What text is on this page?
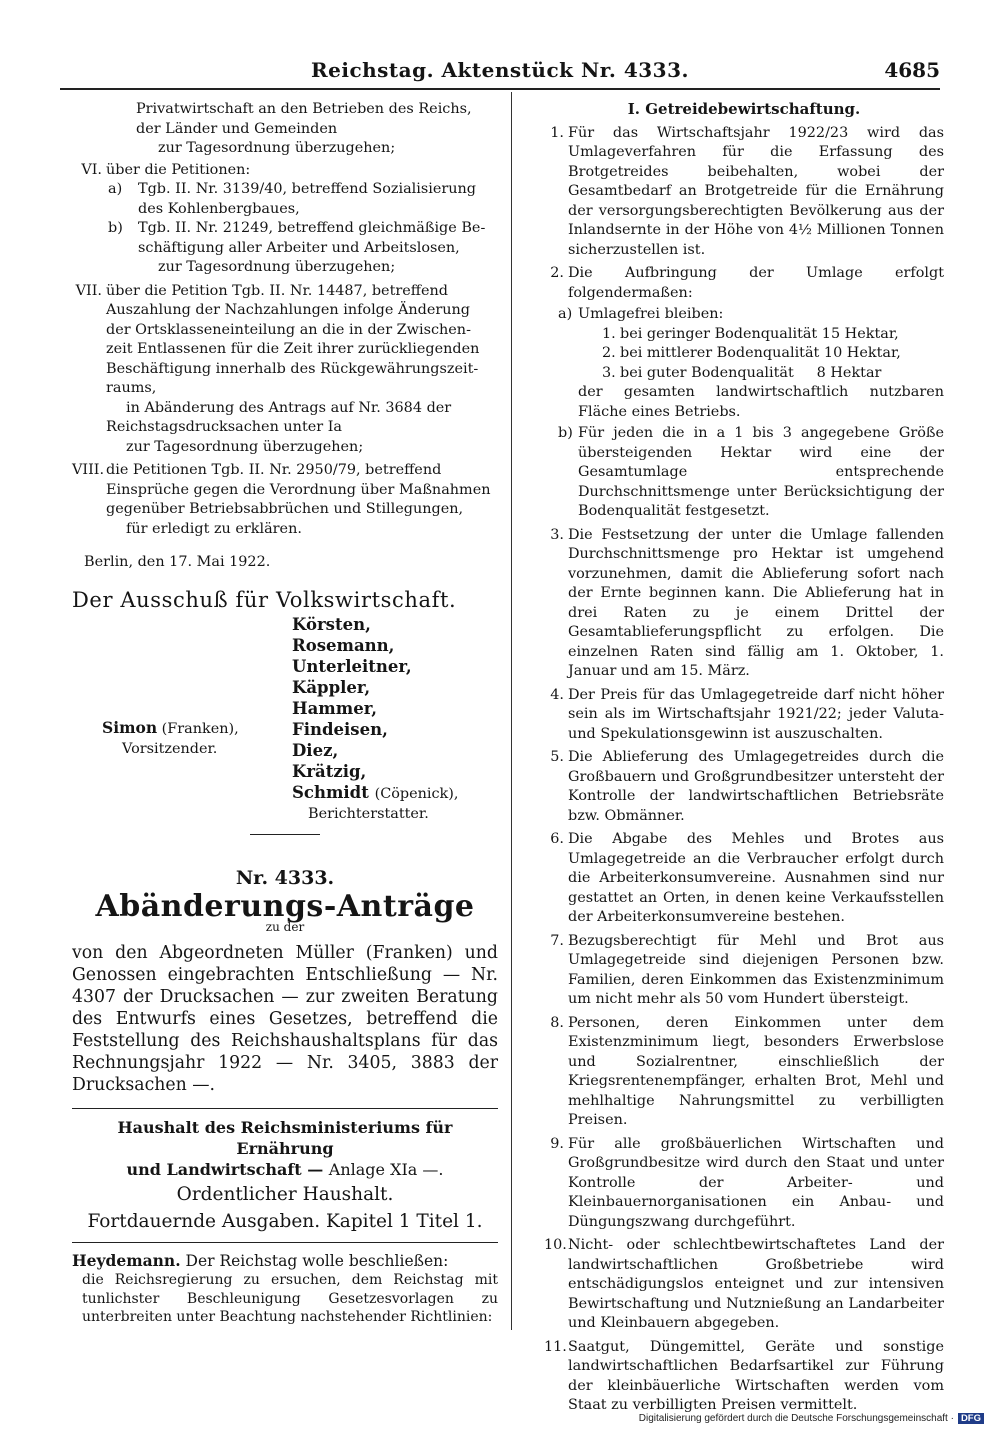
Reichstag. Aktenstück Nr. 4333.	4685

Privatwirtschaft an den Betrieben des Reichs,

der Länder und Gemeinden

zur Tagesordnung überzugehen;

VI. über die Petitionen:
a) Tgb. II. Nr. 3139/40, betreffend Sozialisierung
des Kohlenbergbaues,
b) Tgb. II. Nr. 21249, betreffend gleichmäßige Be-
schäftigung aller Arbeiter und Arbeitslosen,
zur Tagesordnung überzugehen;
VII. über die Petition Tgb. II. Nr. 14487, betreffend
Auszahlung der Nachzahlungen infolge Änderung
der Ortsklasseneinteilung an die in der Zwischen-
zeit Entlassenen für die Zeit ihrer zurückliegenden
Beschäftigung innerhalb des Rückgewährungszeit-
raums,
in Abänderung des Antrags auf Nr. 3684 der
Reichstagsdrucksachen unter Ia
zur Tagesordnung überzugehen;
VIII. die Petitionen Tgb. II. Nr. 2950/79, betreffend
Einsprüche gegen die Verordnung über Maßnahmen
gegenüber Betriebsabbrüchen und Stillegungen,
für erledigt zu erklären.

Berlin, den 17. Mai 1922.

Der Ausschuß für Volkswirtschaft.
Körsten,
Rosemann,
Unterleitner,
Käppler,
Hammer,
Findeisen,
Diez,
Krätzig,
Schmidt (Cöpenick),
Berichterstatter.
Simon (Franken),
Vorsitzender.
Nr. 4333.
Abänderungs-Anträge
zu der

von den Abgeordneten Müller (Franken) und Genossen eingebrachten Entschließung — Nr. 4307 der Drucksachen — zur zweiten Beratung des Entwurfs eines Gesetzes, betreffend die Feststellung des Reichshaushaltsplans für das Rechnungsjahr 1922 — Nr. 3405, 3883 der Drucksachen —.

Haushalt des Reichsministeriums für Ernährung
und Landwirtschaft — Anlage XIa —.
Ordentlicher Haushalt.
Fortdauernde Ausgaben. Kapitel 1 Titel 1.

Heydemann. Der Reichstag wolle beschließen:

die Reichsregierung zu ersuchen, dem Reichstag mit tunlichster Beschleunigung Gesetzesvorlagen zu unterbreiten unter Beachtung nachstehender Richtlinien:

I. Getreidebewirtschaftung.
1. Für das Wirtschaftsjahr 1922/23 wird das Umlageverfahren für die Erfassung des Brotgetreides beibehalten, wobei der Gesamtbedarf an Brotgetreide für die Ernährung der versorgungsberechtigten Bevölkerung aus der Inlandsernte in der Höhe von 4½ Millionen Tonnen sicherzustellen ist.
2. Die Aufbringung der Umlage erfolgt folgendermaßen:
a) Umlagefrei bleiben:
1. bei geringer Bodenqualität 15 Hektar,
2. bei mittlerer Bodenqualität 10 Hektar,
3. bei guter Bodenqualität     8 Hektar
der gesamten landwirtschaftlich nutzbaren Fläche eines Betriebs.
b) Für jeden die in a 1 bis 3 angegebene Größe übersteigenden Hektar wird eine der Gesamtumlage entsprechende Durchschnittsmenge unter Berücksichtigung der Bodenqualität festgesetzt.
3. Die Festsetzung der unter die Umlage fallenden Durchschnittsmenge pro Hektar ist umgehend vorzunehmen, damit die Ablieferung sofort nach der Ernte beginnen kann. Die Ablieferung hat in drei Raten zu je einem Drittel der Gesamtablieferungspflicht zu erfolgen. Die einzelnen Raten sind fällig am 1. Oktober, 1. Januar und am 15. März.
4. Der Preis für das Umlagegetreide darf nicht höher sein als im Wirtschaftsjahr 1921/22; jeder Valuta- und Spekulationsgewinn ist auszuschalten.
5. Die Ablieferung des Umlagegetreides durch die Großbauern und Großgrundbesitzer untersteht der Kontrolle der landwirtschaftlichen Betriebsräte bzw. Obmänner.
6. Die Abgabe des Mehles und Brotes aus Umlagegetreide an die Verbraucher erfolgt durch die Arbeiterkonsumvereine. Ausnahmen sind nur gestattet an Orten, in denen keine Verkaufsstellen der Arbeiterkonsumvereine bestehen.
7. Bezugsberechtigt für Mehl und Brot aus Umlagegetreide sind diejenigen Personen bzw. Familien, deren Einkommen das Existenzminimum um nicht mehr als 50 vom Hundert übersteigt.
8. Personen, deren Einkommen unter dem Existenzminimum liegt, besonders Erwerbslose und Sozialrentner, einschließlich der Kriegsrentenempfänger, erhalten Brot, Mehl und mehlhaltige Nahrungsmittel zu verbilligten Preisen.
9. Für alle großbäuerlichen Wirtschaften und Großgrundbesitze wird durch den Staat und unter Kontrolle der Arbeiter- und Kleinbauernorganisationen ein Anbau- und Düngungszwang durchgeführt.
10. Nicht- oder schlechtbewirtschaftetes Land der landwirtschaftlichen Großbetriebe wird entschädigungslos enteignet und zur intensiven Bewirtschaftung und Nutznießung an Landarbeiter und Kleinbauern abgegeben.
11. Saatgut, Düngemittel, Geräte und sonstige landwirtschaftlichen Bedarfsartikel zur Führung der kleinbäuerliche Wirtschaften werden vom Staat zu verbilligten Preisen vermittelt.
Digitalisierung gefördert durch die Deutsche Forschungsgemeinschaft · DFG
